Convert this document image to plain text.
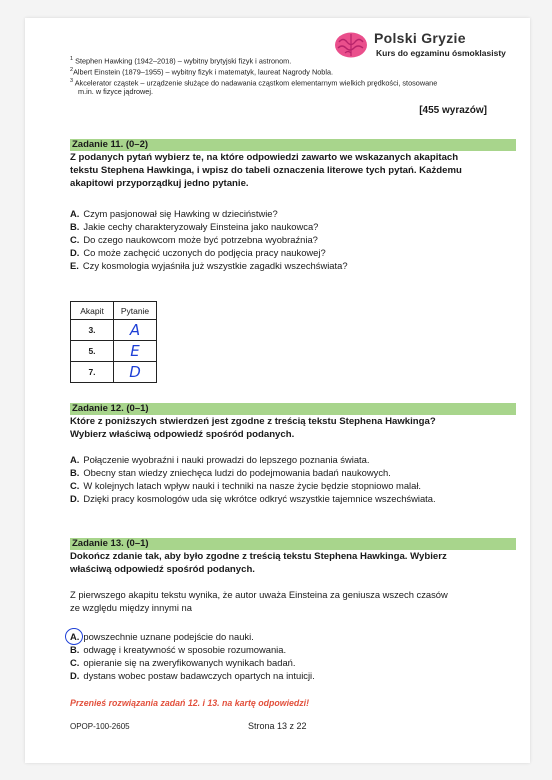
Polski Gryzie
Kurs do egzaminu ósmoklasisty
$^1$ Stephen Hawking (1942–2018) – wybitny brytyjski fizyk i astronom.
$^2$Albert Einstein (1879–1955) – wybitny fizyk i matematyk, laureat Nagrody Nobla.
$^3$ Akcelerator cząstek – urządzenie służące do nadawania cząstkom elementarnym wielkich prędkości, stosowane
m.in. w fizyce jądrowej.
[455 wyrazów]
Zadanie 11. (0–2)
Z podanych pytań wybierz te, na które odpowiedzi zawarto we wskazanych akapitach
tekstu Stephena Hawkinga, i wpisz do tabeli oznaczenia literowe tych pytań. Każdemu
akapitowi przyporządkuj jedno pytanie.
A. Czym pasjonował się Hawking w dzieciństwie?
B. Jakie cechy charakteryzowały Einsteina jako naukowca?
C. Do czego naukowcom może być potrzebna wyobraźnia?
D. Co może zachęcić uczonych do podjęcia pracy naukowej?
E. Czy kosmologia wyjaśniła już wszystkie zagadki wszechświata?
Akapit	Pytanie
3.	A
5.	E
7.	D
Zadanie 12. (0–1)
Które z poniższych stwierdzeń jest zgodne z treścią tekstu Stephena Hawkinga?
Wybierz właściwą odpowiedź spośród podanych.
A. Połączenie wyobraźni i nauki prowadzi do lepszego poznania świata.
B. Obecny stan wiedzy zniechęca ludzi do podejmowania badań naukowych.
C. W kolejnych latach wpływ nauki i techniki na nasze życie będzie stopniowo malał.
D. Dzięki pracy kosmologów uda się wkrótce odkryć wszystkie tajemnice wszechświata.
Zadanie 13. (0–1)
Dokończ zdanie tak, aby było zgodne z treścią tekstu Stephena Hawkinga. Wybierz
właściwą odpowiedź spośród podanych.
Z pierwszego akapitu tekstu wynika, że autor uważa Einsteina za geniusza wszech czasów
ze względu między innymi na
A. powszechnie uznane podejście do nauki.
B. odwagę i kreatywność w sposobie rozumowania.
C. opieranie się na zweryfikowanych wynikach badań.
D. dystans wobec postaw badawczych opartych na intuicji.
Przenieś rozwiązania zadań 12. i 13. na kartę odpowiedzi!
OPOP-100-2605	Strona 13 z 22
